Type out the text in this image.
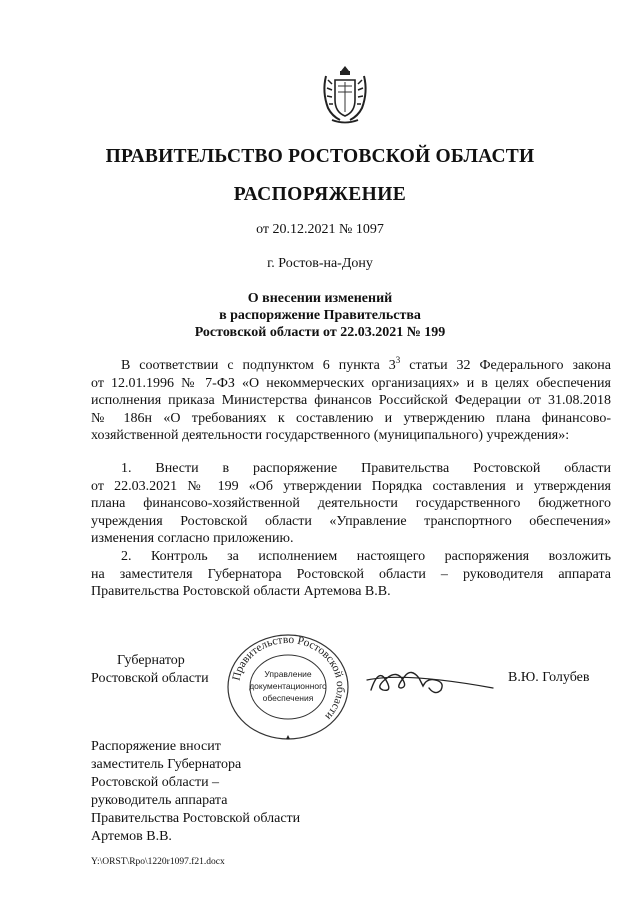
ПРАВИТЕЛЬСТВО РОСТОВСКОЙ ОБЛАСТИ
РАСПОРЯЖЕНИЕ
от 20.12.2021 № 1097
г. Ростов-на-Дону
О внесении изменений
в распоряжение Правительства
Ростовской области от 22.03.2021 № 199
В соответствии с подпунктом 6 пункта $3^3$ статьи 32 Федерального закона
от 12.01.1996 № 7-ФЗ «О некоммерческих организациях» и в целях обеспечения
исполнения приказа Министерства финансов Российской Федерации от 31.08.2018
№ 186н «О требованиях к составлению и утверждению плана финансово-
хозяйственной деятельности государственного (муниципального) учреждения»:
1. Внести в распоряжение Правительства Ростовской области
от 22.03.2021 № 199 «Об утверждении Порядка составления и утверждения
плана финансово-хозяйственной деятельности государственного бюджетного
учреждения Ростовской области «Управление транспортного обеспечения»
изменения согласно приложению.
2. Контроль за исполнением настоящего распоряжения возложить
на заместителя Губернатора Ростовской области – руководителя аппарата
Правительства Ростовской области Артемова В.В.
Губернатор
Ростовской области Правительство Ростовской области
Управление
документационного
обеспечения
В.Ю. Голубев
Распоряжение вносит
заместитель Губернатора
Ростовской области –
руководитель аппарата
Правительства Ростовской области
Артемов В.В.
Y:\ORST\Rpo\1220r1097.f21.docx
